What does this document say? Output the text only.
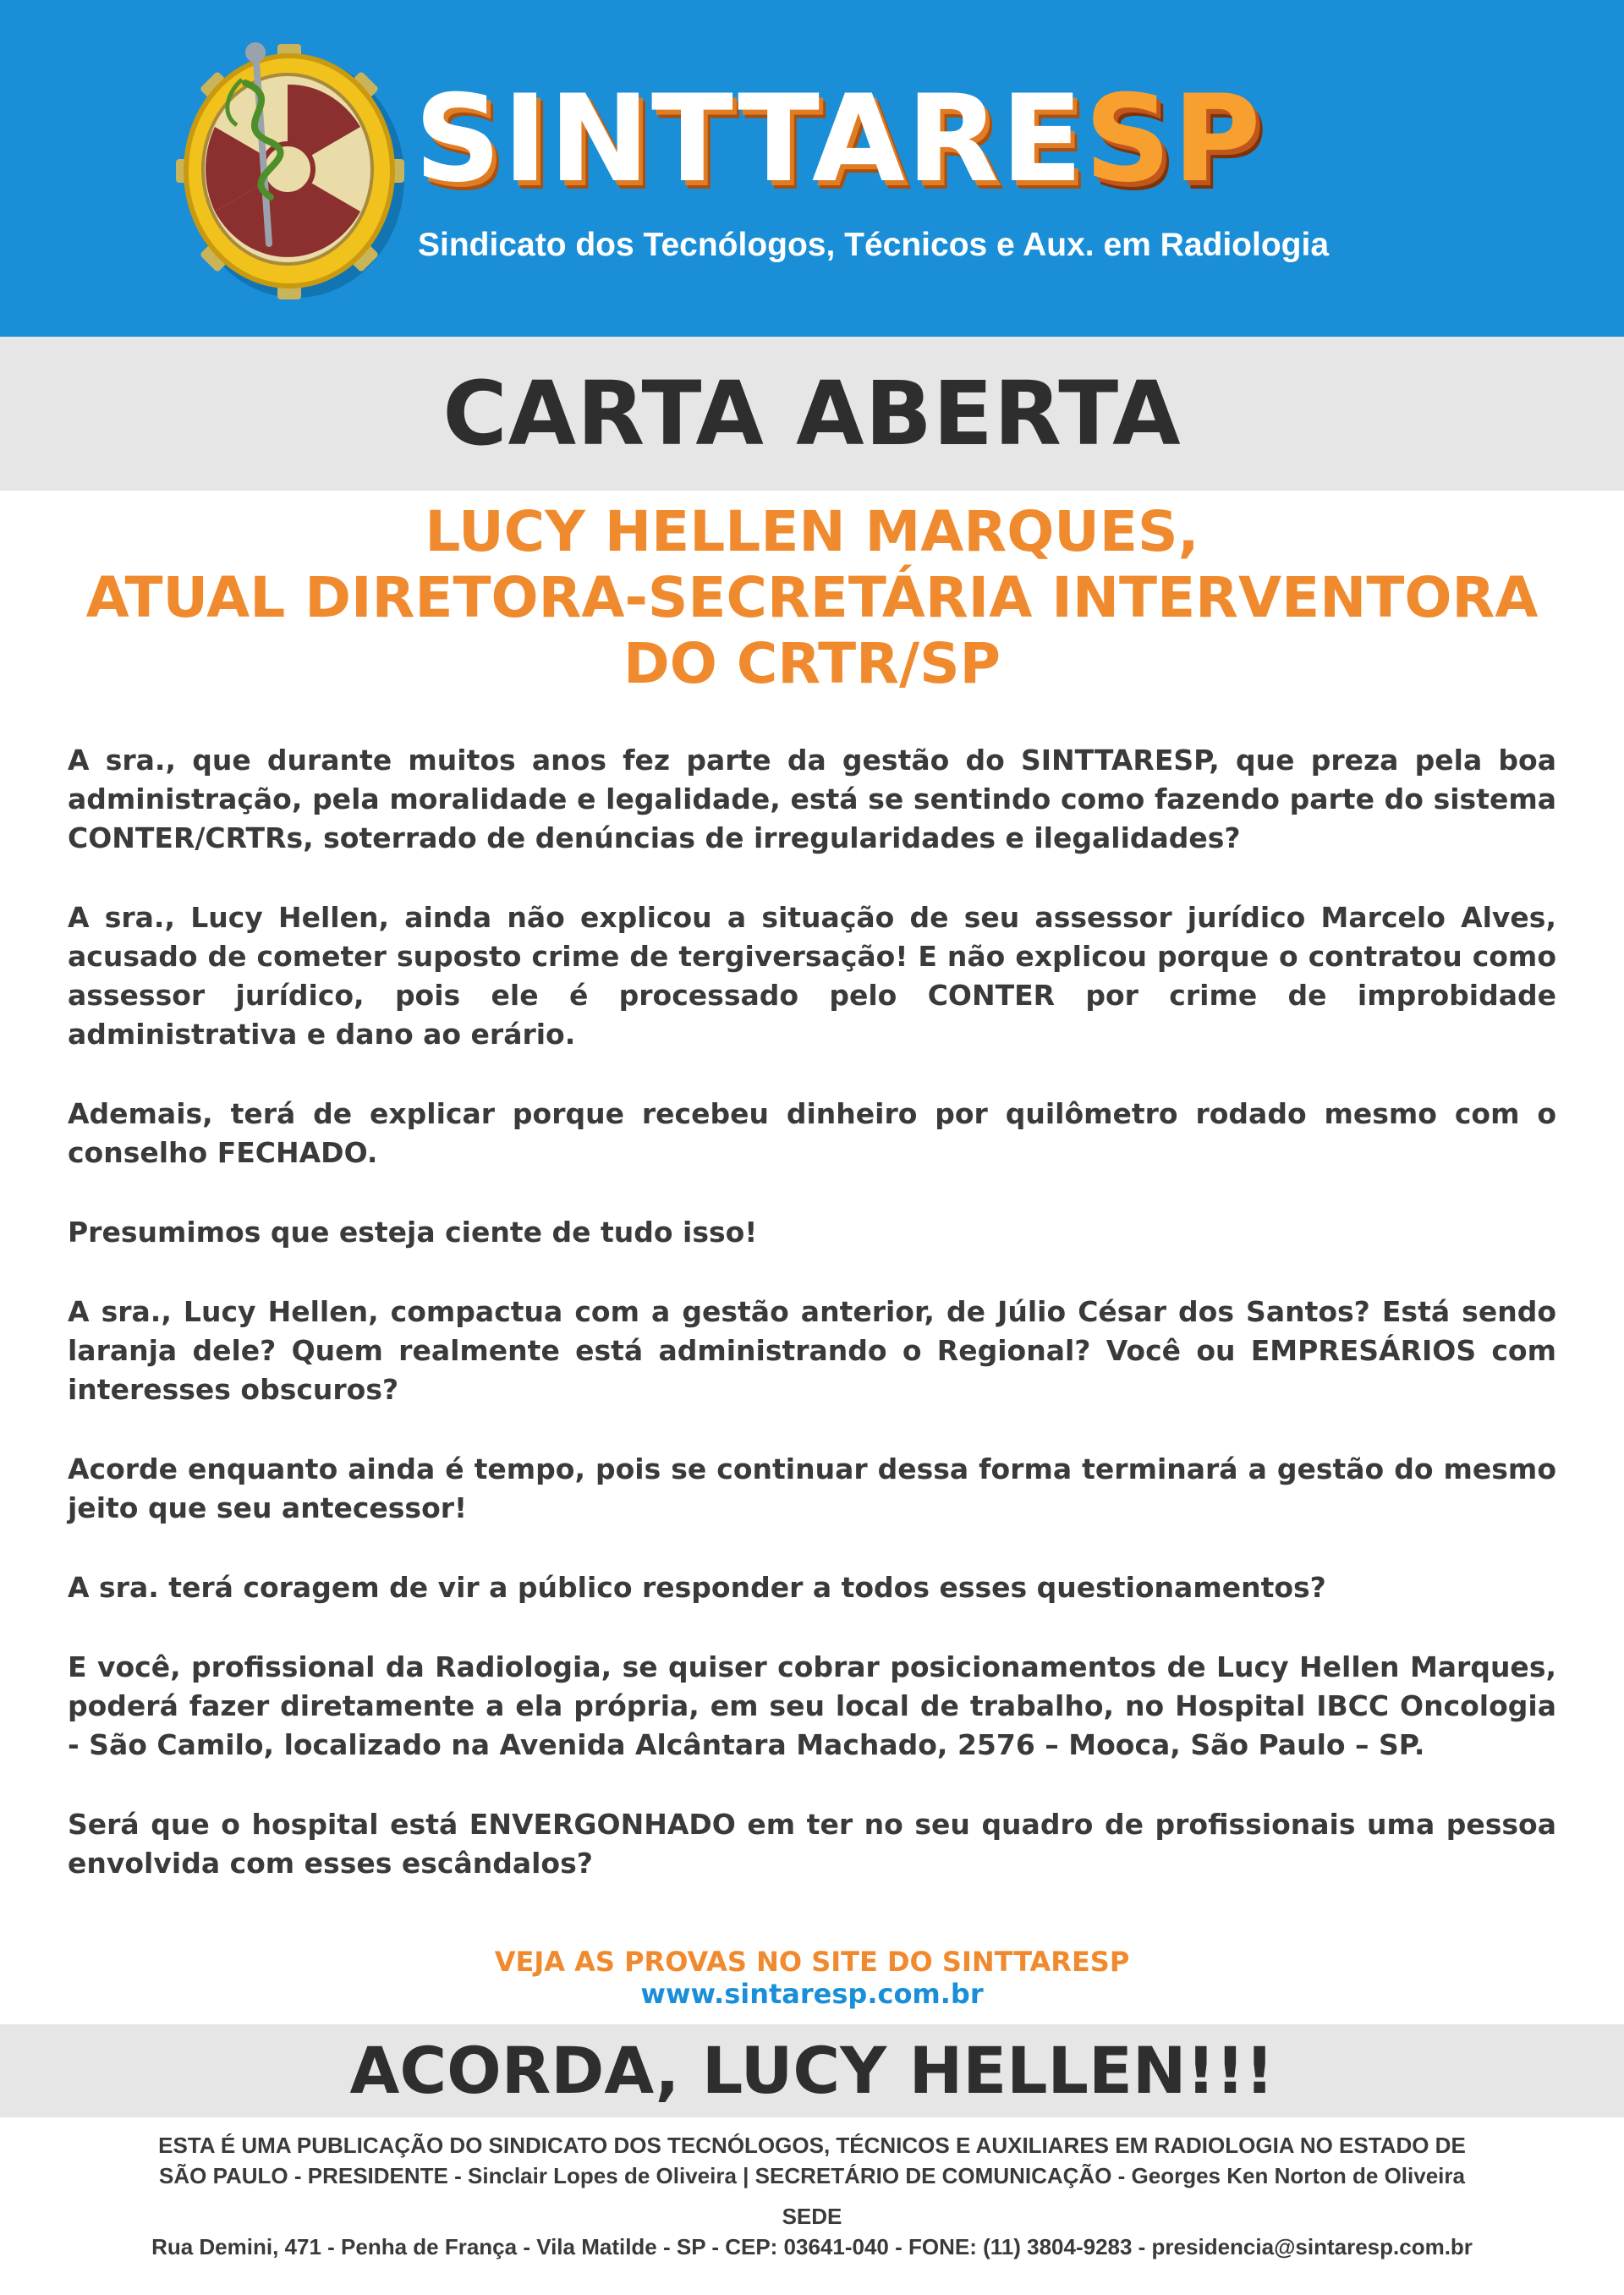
SINTTARESP
Sindicato dos Tecnólogos, Técnicos e Aux. em Radiologia
CARTA ABERTA
LUCY HELLEN MARQUES,
ATUAL DIRETORA-SECRETÁRIA INTERVENTORA
DO CRTR/SP

A sra., que durante muitos anos fez parte da gestão do SINTTARESP, que preza pela boa administração, pela moralidade e legalidade, está se sentindo como fazendo parte do sistema CONTER/CRTRs, soterrado de denúncias de irregularidades e ilegalidades?

A sra., Lucy Hellen, ainda não explicou a situação de seu assessor jurídico Marcelo Alves, acusado de cometer suposto crime de tergiversação! E não explicou porque o contratou como assessor jurídico, pois ele é processado pelo CONTER por crime de improbidade administrativa e dano ao erário.

Ademais, terá de explicar porque recebeu dinheiro por quilômetro rodado mesmo com o conselho FECHADO.

Presumimos que esteja ciente de tudo isso!

A sra., Lucy Hellen, compactua com a gestão anterior, de Júlio César dos Santos? Está sendo laranja dele? Quem realmente está administrando o Regional? Você ou EMPRESÁRIOS com interesses obscuros?

Acorde enquanto ainda é tempo, pois se continuar dessa forma terminará a gestão do mesmo jeito que seu antecessor!

A sra. terá coragem de vir a público responder a todos esses questionamentos?

E você, profissional da Radiologia, se quiser cobrar posicionamentos de Lucy Hellen Marques, poderá fazer diretamente a ela própria, em seu local de trabalho, no Hospital IBCC Oncologia - São Camilo, localizado na Avenida Alcântara Machado, 2576 – Mooca, São Paulo – SP.

Será que o hospital está ENVERGONHADO em ter no seu quadro de profissionais uma pessoa envolvida com esses escândalos?

VEJA AS PROVAS NO SITE DO SINTTARESP
www.sintaresp.com.br
ACORDA, LUCY HELLEN!!!
ESTA É UMA PUBLICAÇÃO DO SINDICATO DOS TECNÓLOGOS, TÉCNICOS E AUXILIARES EM RADIOLOGIA NO ESTADO DE
SÃO PAULO - PRESIDENTE - Sinclair Lopes de Oliveira | SECRETÁRIO DE COMUNICAÇÃO - Georges Ken Norton de Oliveira
SEDE
Rua Demini, 471 - Penha de França - Vila Matilde - SP - CEP: 03641-040 - FONE: (11) 3804-9283 - presidencia@sintaresp.com.br
